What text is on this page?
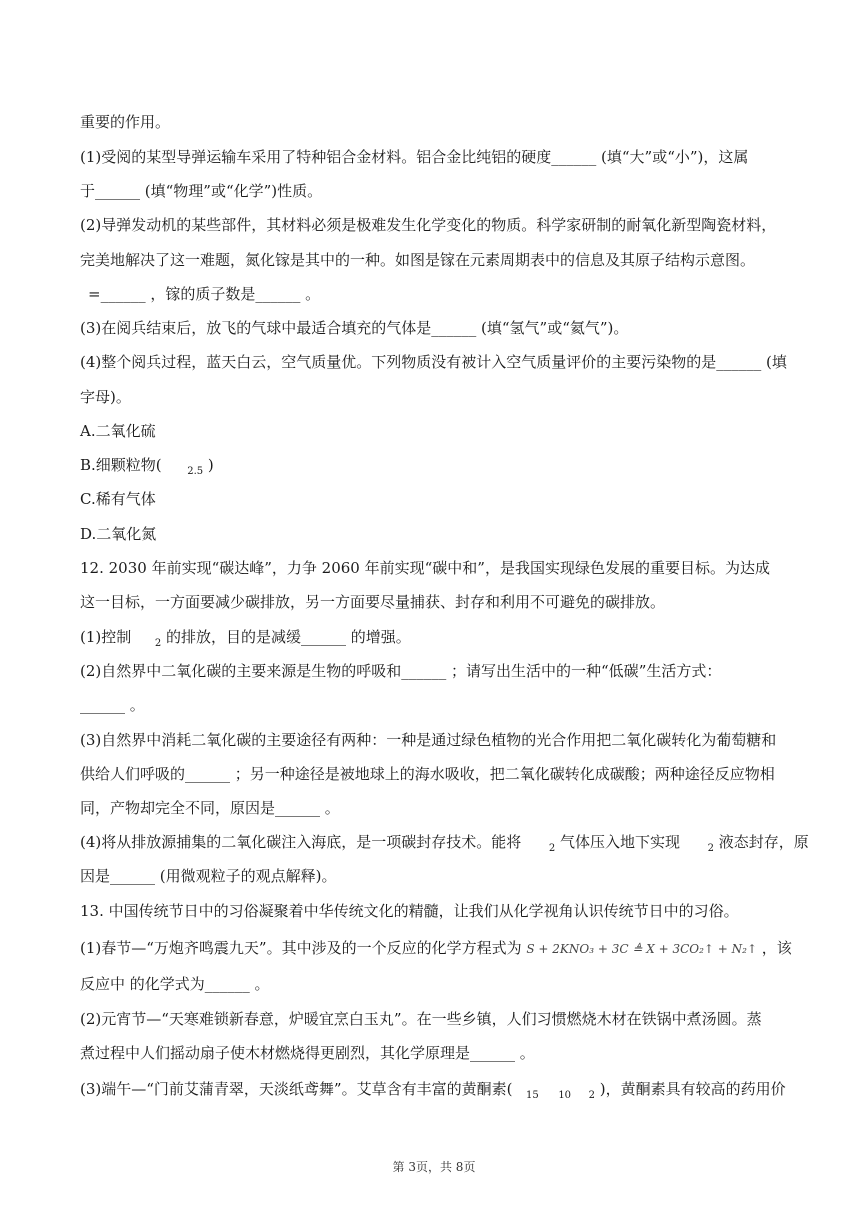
重要的作用。
(1)受阅的某型导弹运输车采用了特种铝合金材料。铝合金比纯铝的硬度______ (填“大”或“小”)，这属
于______ (填“物理”或“化学”)性质。
(2)导弹发动机的某些部件，其材料必须是极难发生化学变化的物质。科学家研制的耐氧化新型陶瓷材料，
完美地解决了这一难题，氮化镓是其中的一种。如图是镓在元素周期表中的信息及其原子结构示意图。
=______ ，镓的质子数是______ 。
(3)在阅兵结束后，放飞的气球中最适合填充的气体是______ (填“氢气”或“氦气”)。
(4)整个阅兵过程，蓝天白云，空气质量优。下列物质没有被计入空气质量评价的主要污染物的是______ (填
字母)。
A.二氧化硫
B.细颗粒物(	$_{2.5}$ )
C.稀有气体
D.二氧化氮
12. 2030 年前实现“碳达峰”，力争 2060 年前实现“碳中和”，是我国实现绿色发展的重要目标。为达成
这一目标，一方面要减少碳排放，另一方面要尽量捕获、封存和利用不可避免的碳排放。
(1)控制 $_2$ 的排放，目的是减缓______ 的增强。
(2)自然界中二氧化碳的主要来源是生物的呼吸和______ ；请写出生活中的一种“低碳”生活方式：
______ 。
(3)自然界中消耗二氧化碳的主要途径有两种：一种是通过绿色植物的光合作用把二氧化碳转化为葡萄糖和
供给人们呼吸的______ ；另一种途径是被地球上的海水吸收，把二氧化碳转化成碳酸；两种途径反应物相
同，产物却完全不同，原因是______ 。
(4)将从排放源捕集的二氧化碳注入海底，是一项碳封存技术。能将	$_2$ 气体压入地下实现	$_2$ 液态封存，原
因是______ (用微观粒子的观点解释)。
13. 中国传统节日中的习俗凝聚着中华传统文化的精髓，让我们从化学视角认识传统节日中的习俗。
(1)春节—“万炮齐鸣震九天”。其中涉及的一个反应的化学方程式为 S + 2KNO₃ + 3C ≜ X + 3CO₂↑ + N₂↑ ，该
反应中 的化学式为______ 。
(2)元宵节—“天寒难锁新春意，炉暖宜烹白玉丸”。在一些乡镇，人们习惯燃烧木材在铁锅中煮汤圆。蒸
煮过程中人们摇动扇子使木材燃烧得更剧烈，其化学原理是______ 。
(3)端午—“门前艾蒲青翠，天淡纸鸢舞”。艾草含有丰富的黄酮素( $_{15}$ $_{10}$ $_2$ )，黄酮素具有较高的药用价
第 3页，共 8页
